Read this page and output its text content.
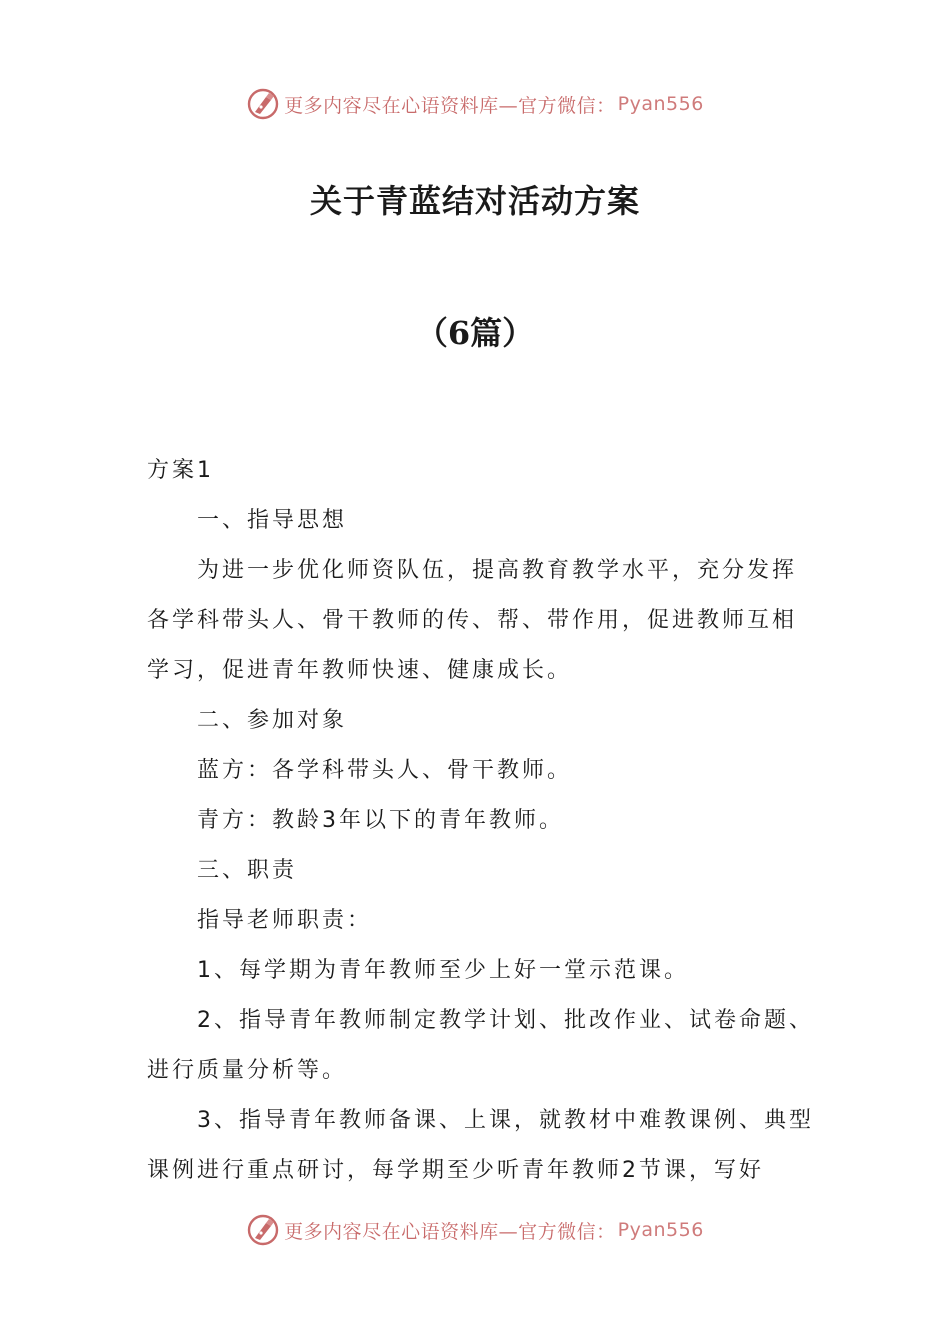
更多内容尽在心语资料库—官方微信： Pyan556
关于青蓝结对活动方案
（6篇）

方案1

一、指导思想

为进一步优化师资队伍，提高教育教学水平，充分发挥各学科带头人、骨干教师的传、帮、带作用，促进教师互相学习，促进青年教师快速、健康成长。

二、参加对象

蓝方：各学科带头人、骨干教师。

青方：教龄3年以下的青年教师。

三、职责

指导老师职责：

1、每学期为青年教师至少上好一堂示范课。

2、指导青年教师制定教学计划、批改作业、试卷命题、进行质量分析等。

3、指导青年教师备课、上课，就教材中难教课例、典型课例进行重点研讨，每学期至少听青年教师2节课，写好

更多内容尽在心语资料库—官方微信： Pyan556
